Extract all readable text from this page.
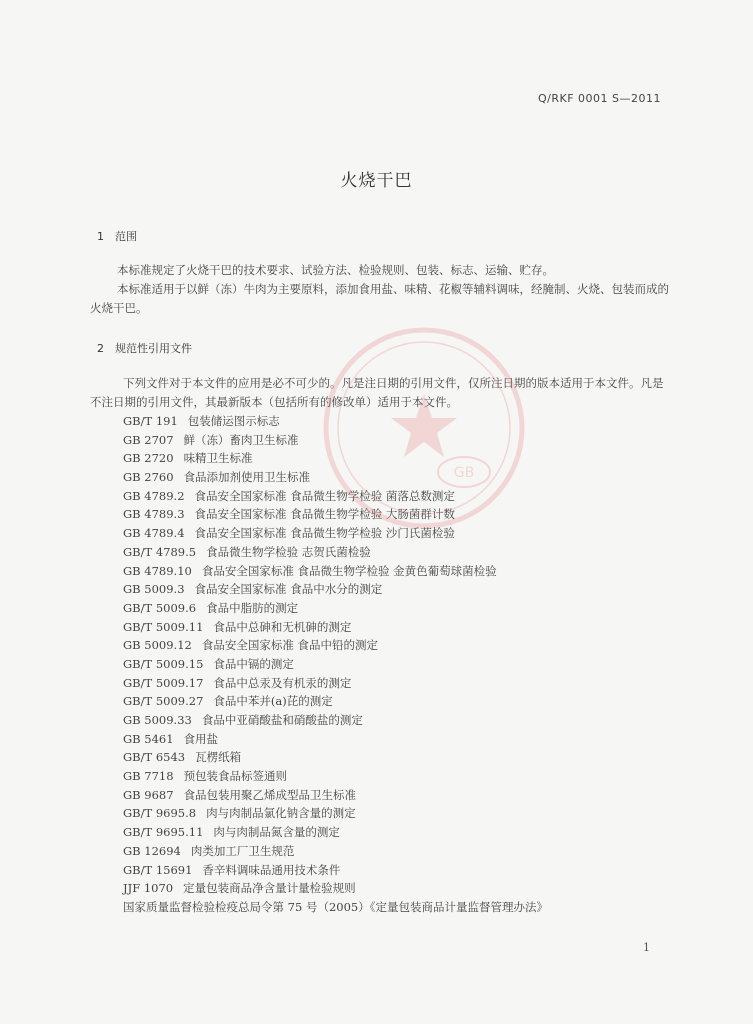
Q/RKF 0001 S—2011
火烧干巴
1 范围
本标准规定了火烧干巴的技术要求、试验方法、检验规则、包装、标志、运输、贮存。
本标准适用于以鲜（冻）牛肉为主要原料，添加食用盐、味精、花椒等辅料调味，经腌制、火烧、包装而成的火烧干巴。
2 规范性引用文件
下列文件对于本文件的应用是必不可少的。凡是注日期的引用文件，仅所注日期的版本适用于本文件。凡是不注日期的引用文件，其最新版本（包括所有的修改单）适用于本文件。
GB/T 191 包装储运图示标志
GB 2707 鲜（冻）畜肉卫生标准
GB 2720 味精卫生标准
GB 2760 食品添加剂使用卫生标准
GB 4789.2 食品安全国家标准 食品微生物学检验 菌落总数测定
GB 4789.3 食品安全国家标准 食品微生物学检验 大肠菌群计数
GB 4789.4 食品安全国家标准 食品微生物学检验 沙门氏菌检验
GB/T 4789.5 食品微生物学检验 志贺氏菌检验
GB 4789.10 食品安全国家标准 食品微生物学检验 金黄色葡萄球菌检验
GB 5009.3 食品安全国家标准 食品中水分的测定
GB/T 5009.6 食品中脂肪的测定
GB/T 5009.11 食品中总砷和无机砷的测定
GB 5009.12 食品安全国家标准 食品中铅的测定
GB/T 5009.15 食品中镉的测定
GB/T 5009.17 食品中总汞及有机汞的测定
GB/T 5009.27 食品中苯并(a)芘的测定
GB 5009.33 食品中亚硝酸盐和硝酸盐的测定
GB 5461 食用盐
GB/T 6543 瓦楞纸箱
GB 7718 预包装食品标签通则
GB 9687 食品包装用聚乙烯成型品卫生标准
GB/T 9695.8 肉与肉制品氯化钠含量的测定
GB/T 9695.11 肉与肉制品氮含量的测定
GB 12694 肉类加工厂卫生规范
GB/T 15691 香辛料调味品通用技术条件
JJF 1070 定量包装商品净含量计量检验规则
国家质量监督检验检疫总局令第 75 号（2005）《定量包装商品计量监督管理办法》
1
GB
